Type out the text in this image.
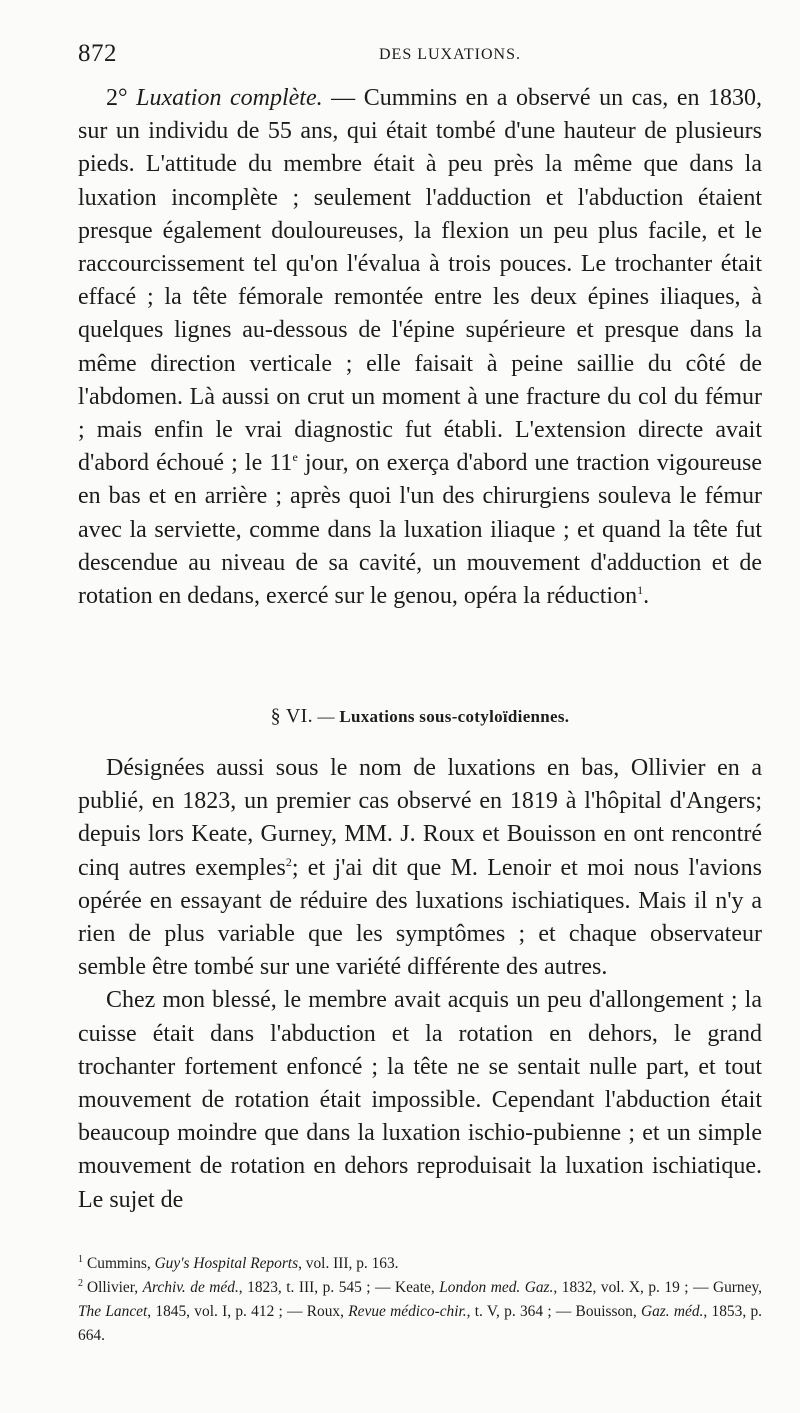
872	DES LUXATIONS.

2° Luxation complète. — Cummins en a observé un cas, en 1830, sur un individu de 55 ans, qui était tombé d'une hauteur de plusieurs pieds. L'attitude du membre était à peu près la même que dans la luxation incomplète ; seulement l'adduction et l'abduction étaient presque également douloureuses, la flexion un peu plus facile, et le raccourcissement tel qu'on l'évalua à trois pouces. Le trochanter était effacé ; la tête fémorale remontée entre les deux épines iliaques, à quelques lignes au-dessous de l'épine supérieure et presque dans la même direction verticale ; elle faisait à peine saillie du côté de l'abdomen. Là aussi on crut un moment à une fracture du col du fémur ; mais enfin le vrai diagnostic fut établi. L'extension directe avait d'abord échoué ; le 11e jour, on exerça d'abord une traction vigoureuse en bas et en arrière ; après quoi l'un des chirurgiens souleva le fémur avec la serviette, comme dans la luxation iliaque ; et quand la tête fut descendue au niveau de sa cavité, un mouvement d'adduction et de rotation en dedans, exercé sur le genou, opéra la réduction$^1$.

§ VI. — Luxations sous-cotyloïdiennes.

Désignées aussi sous le nom de luxations en bas, Ollivier en a publié, en 1823, un premier cas observé en 1819 à l'hôpital d'Angers; depuis lors Keate, Gurney, MM. J. Roux et Bouisson en ont rencontré cinq autres exemples$^2$; et j'ai dit que M. Lenoir et moi nous l'avions opérée en essayant de réduire des luxations ischiatiques. Mais il n'y a rien de plus variable que les symptômes ; et chaque observateur semble être tombé sur une variété différente des autres.

Chez mon blessé, le membre avait acquis un peu d'allongement ; la cuisse était dans l'abduction et la rotation en dehors, le grand trochanter fortement enfoncé ; la tête ne se sentait nulle part, et tout mouvement de rotation était impossible. Cependant l'abduction était beaucoup moindre que dans la luxation ischio-pubienne ; et un simple mouvement de rotation en dehors reproduisait la luxation ischiatique. Le sujet de

$^1$ Cummins, Guy's Hospital Reports, vol. III, p. 163.

$^2$ Ollivier, Archiv. de méd., 1823, t. III, p. 545 ; — Keate, London med. Gaz., 1832, vol. X, p. 19 ; — Gurney, The Lancet, 1845, vol. I, p. 412 ; — Roux, Revue médico-chir., t. V, p. 364 ; — Bouisson, Gaz. méd., 1853, p. 664.
